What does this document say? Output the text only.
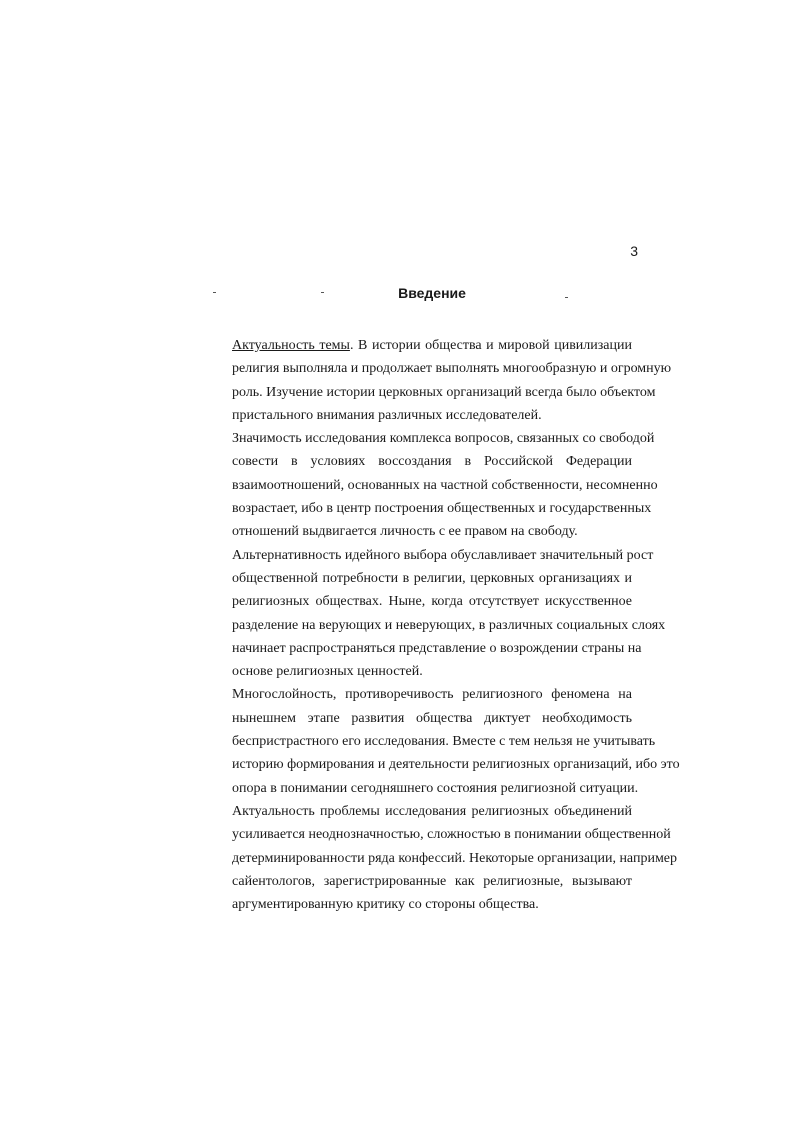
3
Введение
Актуальность темы. В истории общества и мировой цивилизации
религия выполняла и продолжает выполнять многообразную и огромную
роль. Изучение истории церковных организаций всегда было объектом
пристального внимания различных исследователей.
Значимость исследования комплекса вопросов, связанных со свободой
совести в условиях воссоздания в Российской Федерации
взаимоотношений, основанных на частной собственности, несомненно
возрастает, ибо в центр построения общественных и государственных
отношений выдвигается личность с ее правом на свободу.
Альтернативность идейного выбора обуславливает значительный рост
общественной потребности в религии, церковных организациях и
религиозных обществах. Ныне, когда отсутствует искусственное
разделение на верующих и неверующих, в различных социальных слоях
начинает распространяться представление о возрождении страны на
основе религиозных ценностей.
Многослойность, противоречивость религиозного феномена на
нынешнем этапе развития общества диктует необходимость
беспристрастного его исследования. Вместе с тем нельзя не учитывать
историю формирования и деятельности религиозных организаций, ибо это
опора в понимании сегодняшнего состояния религиозной ситуации.
Актуальность проблемы исследования религиозных объединений
усиливается неоднозначностью, сложностью в понимании общественной
детерминированности ряда конфессий. Некоторые организации, например
сайентологов, зарегистрированные как религиозные, вызывают
аргументированную критику со стороны общества.
